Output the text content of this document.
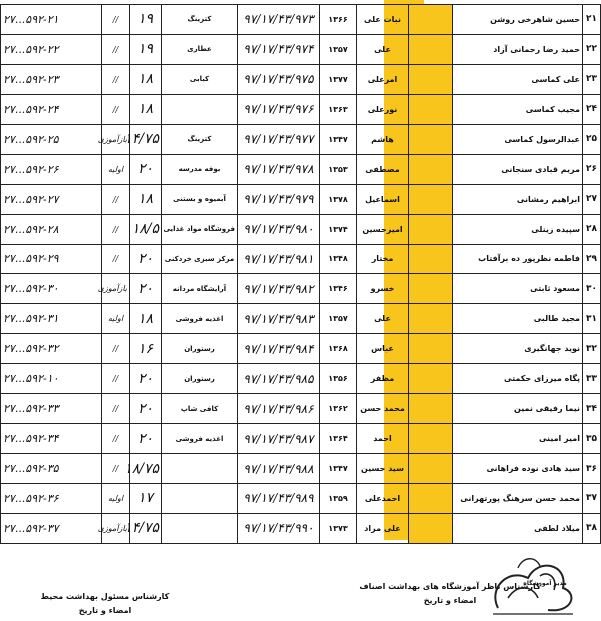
۲۱	حسین شاهرخی روشن		نبات علی	۱۳۶۶	۹۷/۱۷/۴۳/۹۷۳	کترینگ	۱۹	//	۲۷...۵۹۲-۲۱
۲۲	حمید رضا رحمانی آزاد		علی	۱۳۵۷	۹۷/۱۷/۴۳/۹۷۴	عطاری	۱۹	//	۲۷...۵۹۲-۲۲
۲۳	علی کماسی		امرعلی	۱۳۷۷	۹۷/۱۷/۴۳/۹۷۵	کبابی	۱۸	//	۲۷...۵۹۲-۲۳
۲۴	مجیب کماسی		نورعلی	۱۳۶۳	۹۷/۱۷/۴۳/۹۷۶		۱۸	//	۲۷...۵۹۲-۲۴
۲۵	عبدالرسول کماسی		هاشم	۱۳۴۷	۹۷/۱۷/۴۳/۹۷۷	کترینگ	۱۴/۷۵	بازآموزی	۲۷...۵۹۲-۲۵
۲۶	مریم قبادی سنجانی		مصطفی	۱۳۵۳	۹۷/۱۷/۴۳/۹۷۸	بوفه مدرسه	۲۰	اولیه	۲۷...۵۹۲-۲۶
۲۷	ابراهیم رمشانی		اسماعیل	۱۳۷۸	۹۷/۱۷/۴۳/۹۷۹	آبمیوه و بستنی	۱۸	//	۲۷...۵۹۲-۲۷
۲۸	سپیده زینلی		امیرحسین	۱۳۷۴	۹۷/۱۷/۴۳/۹۸۰	فروشگاه مواد غذایی	۱۸/۵	//	۲۷...۵۹۲-۲۸
۲۹	فاطمه نظرپور ده برآفتاب		مختار	۱۳۴۸	۹۷/۱۷/۴۳/۹۸۱	مرکز سبزی خردکنی	۲۰	//	۲۷...۵۹۲-۲۹
۳۰	مسعود ثابتی		خسرو	۱۳۴۶	۹۷/۱۷/۴۳/۹۸۲	آرایشگاه مردانه	۲۰	بازآموزی	۲۷...۵۹۲-۳۰
۳۱	مجید طالبی		علی	۱۳۵۷	۹۷/۱۷/۴۳/۹۸۳	اغذیه فروشی	۱۸	اولیه	۲۷...۵۹۲-۳۱
۳۲	نوید جهانگیری		عباس	۱۳۶۸	۹۷/۱۷/۴۳/۹۸۴	رستوران	۱۶	//	۲۷...۵۹۲-۳۲
۳۳	پگاه میرزای حکمتی		مظفر	۱۳۵۶	۹۷/۱۷/۴۳/۹۸۵	رستوران	۲۰	//	۲۷...۵۹۲-۱۰
۳۴	نیما رفیقی نمین		محمد حسن	۱۳۶۲	۹۷/۱۷/۴۳/۹۸۶	کافی شاپ	۲۰	//	۲۷...۵۹۲-۳۳
۳۵	امیر امینی		احمد	۱۳۶۴	۹۷/۱۷/۴۳/۹۸۷	اغذیه فروشی	۲۰	//	۲۷...۵۹۲-۳۴
۳۶	سید هادی نوده فراهانی		سید حسین	۱۳۴۷	۹۷/۱۷/۴۳/۹۸۸		۱۸/۷۵	//	۲۷...۵۹۲-۳۵
۳۷	محمد حسن سرهنگ پورتهرانی		احمدعلی	۱۳۵۹	۹۷/۱۷/۴۳/۹۸۹		۱۷	اولیه	۲۷...۵۹۲-۳۶
۳۸	میلاد لطفی		علی مراد	۱۳۷۳	۹۷/۱۷/۴۳/۹۹۰		۱۴/۷۵	بازآموزی	۲۷...۵۹۲-۳۷
کارشناس ناظر آموزشگاه های بهداشت اصناف
امضاء و تاریخ
کارشناس مسئول بهداشت محیط
امضاء و تاریخ
مدیر آموزشگاه
